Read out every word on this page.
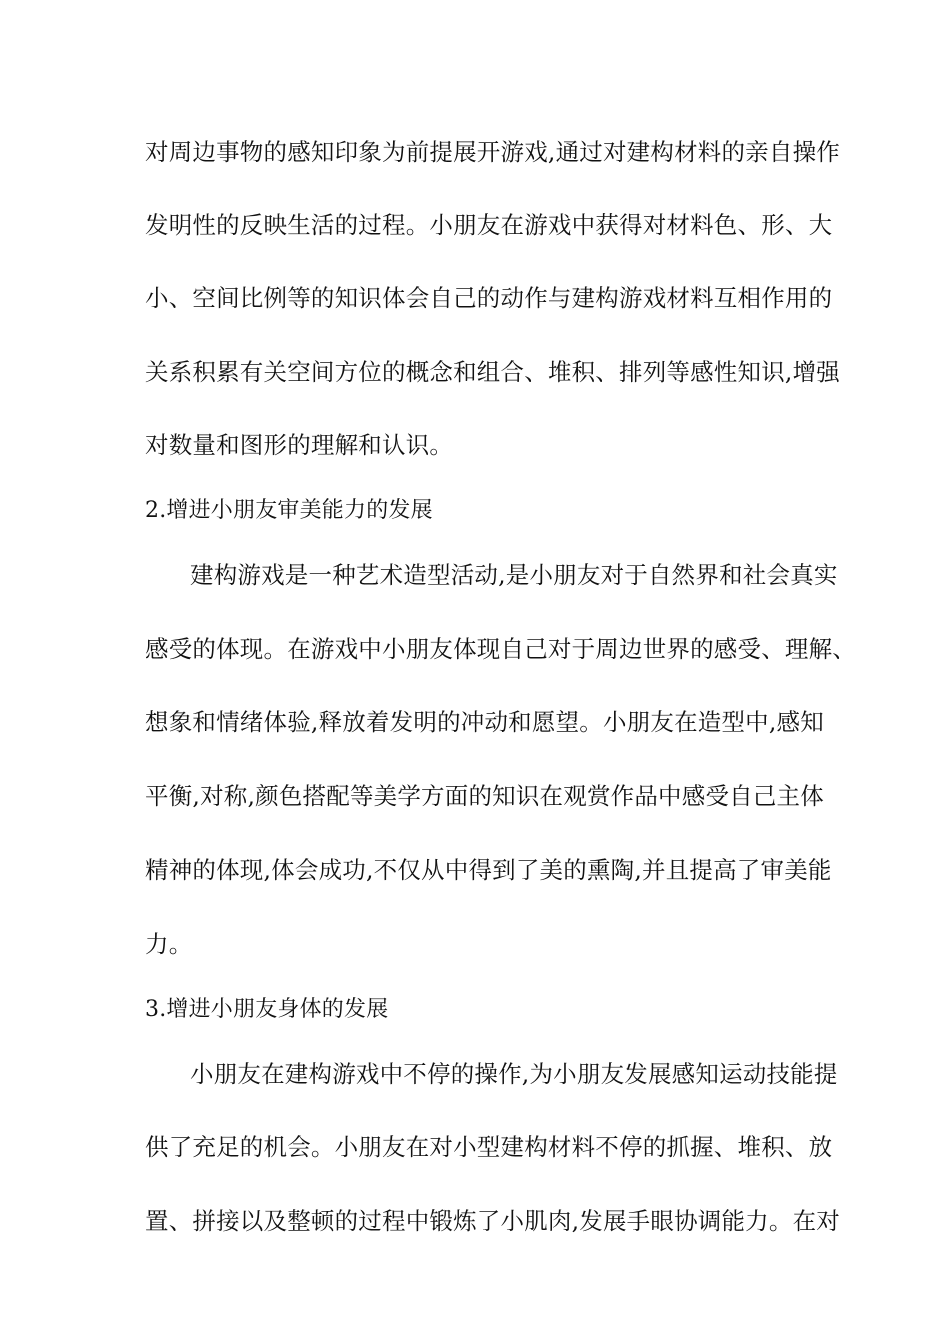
对周边事物的感知印象为前提展开游戏,通过对建构材料的亲自操作
发明性的反映生活的过程。小朋友在游戏中获得对材料色、形、大
小、空间比例等的知识体会自己的动作与建构游戏材料互相作用的
关系积累有关空间方位的概念和组合、堆积、排列等感性知识,增强
对数量和图形的理解和认识。
2.增进小朋友审美能力的发展
建构游戏是一种艺术造型活动,是小朋友对于自然界和社会真实
感受的体现。在游戏中小朋友体现自己对于周边世界的感受、理解、
想象和情绪体验,释放着发明的冲动和愿望。小朋友在造型中,感知
平衡,对称,颜色搭配等美学方面的知识在观赏作品中感受自己主体
精神的体现,体会成功,不仅从中得到了美的熏陶,并且提高了审美能
力。
3.增进小朋友身体的发展
小朋友在建构游戏中不停的操作,为小朋友发展感知运动技能提
供了充足的机会。小朋友在对小型建构材料不停的抓握、堆积、放
置、拼接以及整顿的过程中锻炼了小肌肉,发展手眼协调能力。在对
